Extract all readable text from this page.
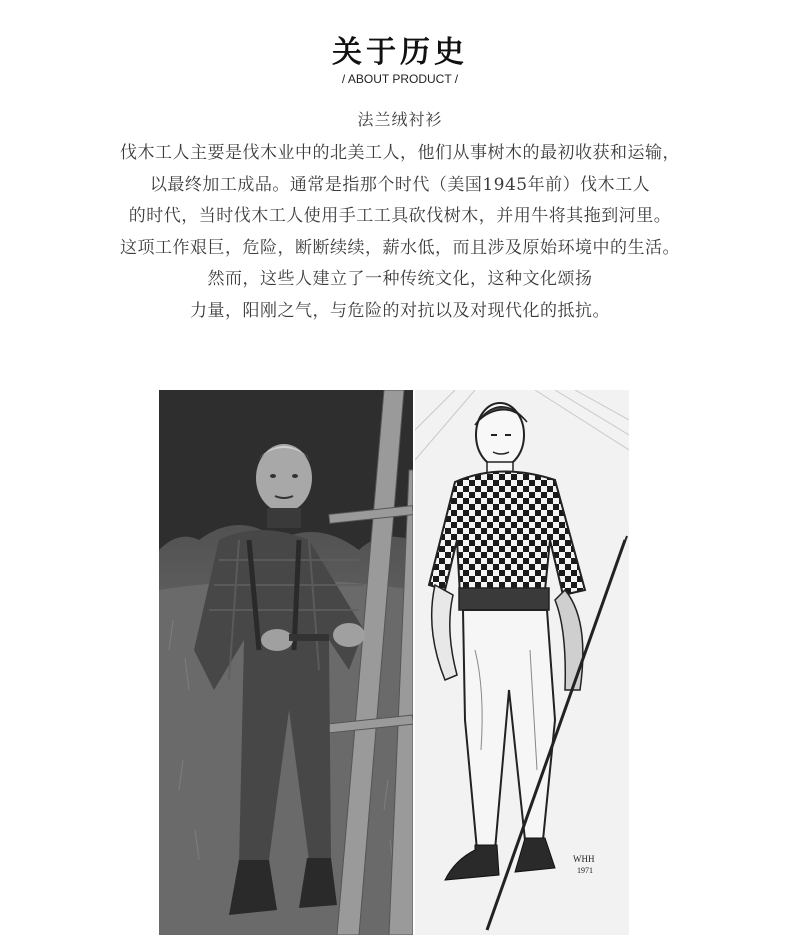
关于历史
/ ABOUT PRODUCT /
法兰绒衬衫
伐木工人主要是伐木业中的北美工人，他们从事树木的最初收获和运输，
以最终加工成品。通常是指那个时代（美国1945年前）伐木工人
的时代，当时伐木工人使用手工工具砍伐树木，并用牛将其拖到河里。
这项工作艰巨，危险，断断续续，薪水低，而且涉及原始环境中的生活。
然而，这些人建立了一种传统文化，这种文化颂扬
力量，阳刚之气，与危险的对抗以及对现代化的抵抗。
WHH
1971
